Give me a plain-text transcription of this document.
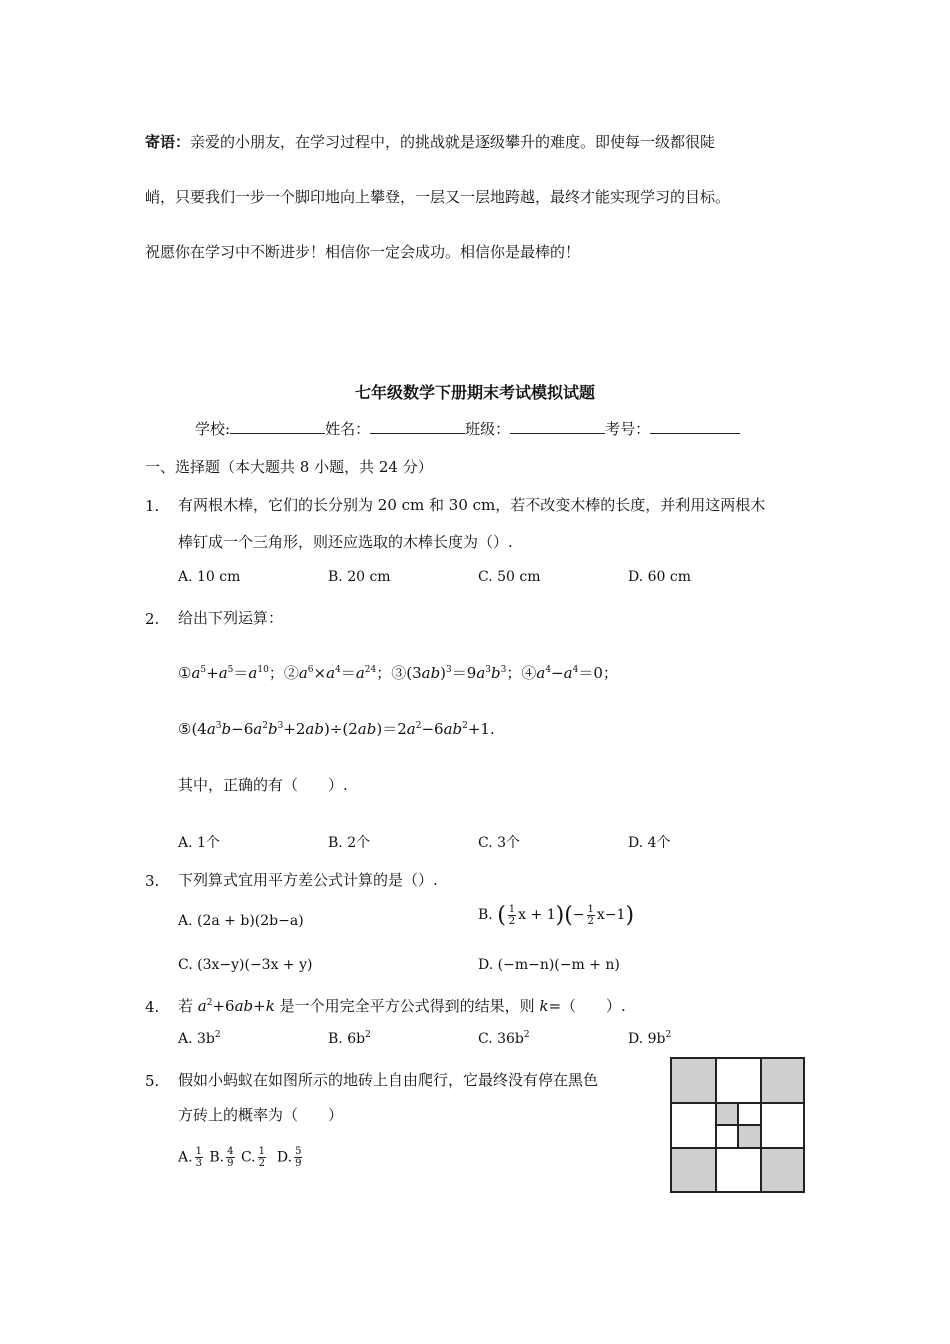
寄语：亲爱的小朋友，在学习过程中，的挑战就是逐级攀升的难度。即使每一级都很陡
峭，只要我们一步一个脚印地向上攀登，一层又一层地跨越，最终才能实现学习的目标。
祝愿你在学习中不断进步！相信你一定会成功。相信你是最棒的！
七年级数学下册期末考试模拟试题
学校:	姓名：	班级：	考号：
一、选择题（本大题共 8 小题，共 24 分）
1.	有两根木棒，它们的长分别为 20 cm 和 30 cm，若不改变木棒的长度，并利用这两根木
棒钉成一个三角形，则还应选取的木棒长度为（）.
A. 10 cm	B. 20 cm	C. 50 cm	D. 60 cm
2.	给出下列运算：
$①a^5+a^5=a^{10}$；$②a^6\times a^4=a^{24}$；$③(3ab)^3=9a^3b^3$；$④a^4-a^4=0$；
$⑤(4a^3b-6a^2b^3+2ab)\div(2ab)=2a^2-6ab^2+1$.
其中，正确的有（　　）.
A. 1个	B. 2个	C. 3个	D. 4个
3.	下列算式宜用平方差公式计算的是（）.
A. (2a + b)(2b−a)	B. ( $\frac{1}{2}$ $x + 1)(- \frac{1}{2} x-1)$
C. (3x−y)(−3x + y)	D. (−m−n)(−m + n)
4.	若 $a^2+6ab+k$ 是一个用完全平方公式得到的结果，则 k=（　　）.
A. $3b^2$	B. $6b^2$	C. $36b^2$	D. $9b^2$
5.	假如小蚂蚁在如图所示的地砖上自由爬行，它最终没有停在黑色
方砖上的概率为（　　）
A. $\frac{1}{3} B$. $\frac{4}{9} C$. $\frac{1}{2} D$. $\frac{5}{9}$
